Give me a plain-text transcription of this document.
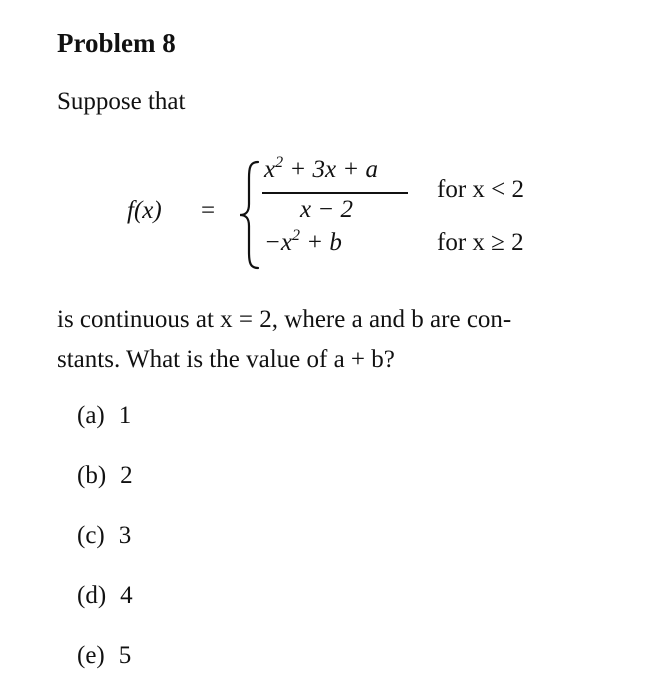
Problem 8
Suppose that
f(x) =
$x^2 + 3x + a$
x − 2
for x < 2
$-x^2 + b$	for x ≥ 2
is continuous at x = 2, where a and b are con-
stants. What is the value of a + b?
(a) 1
(b) 2
(c) 3
(d) 4
(e) 5
